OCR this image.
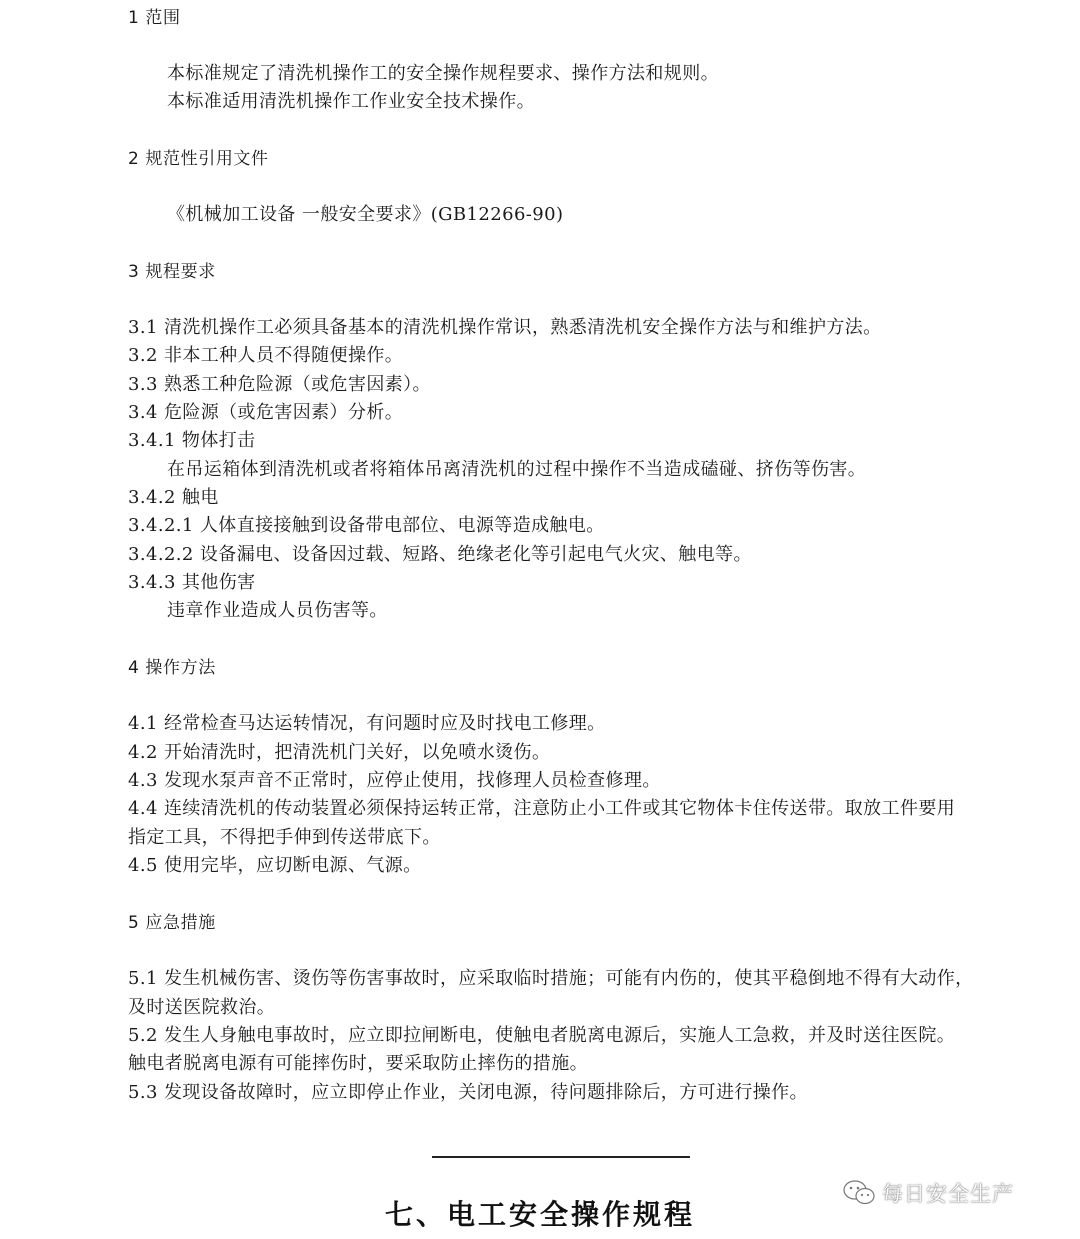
1 范围
本标准规定了清洗机操作工的安全操作规程要求、操作方法和规则。
本标准适用清洗机操作工作业安全技术操作。
2 规范性引用文件
《机械加工设备 一般安全要求》(GB12266-90)
3 规程要求
3.1 清洗机操作工必须具备基本的清洗机操作常识，熟悉清洗机安全操作方法与和维护方法。
3.2 非本工种人员不得随便操作。
3.3 熟悉工种危险源（或危害因素）。
3.4 危险源（或危害因素）分析。
3.4.1 物体打击
在吊运箱体到清洗机或者将箱体吊离清洗机的过程中操作不当造成磕碰、挤伤等伤害。
3.4.2 触电
3.4.2.1 人体直接接触到设备带电部位、电源等造成触电。
3.4.2.2 设备漏电、设备因过载、短路、绝缘老化等引起电气火灾、触电等。
3.4.3 其他伤害
违章作业造成人员伤害等。
4 操作方法
4.1 经常检查马达运转情况，有问题时应及时找电工修理。
4.2 开始清洗时，把清洗机门关好，以免喷水烫伤。
4.3 发现水泵声音不正常时，应停止使用，找修理人员检查修理。
4.4 连续清洗机的传动装置必须保持运转正常，注意防止小工件或其它物体卡住传送带。取放工件要用
指定工具，不得把手伸到传送带底下。
4.5 使用完毕，应切断电源、气源。
5 应急措施
5.1 发生机械伤害、烫伤等伤害事故时，应采取临时措施；可能有内伤的，使其平稳倒地不得有大动作，
及时送医院救治。
5.2 发生人身触电事故时，应立即拉闸断电，使触电者脱离电源后，实施人工急救，并及时送往医院。
触电者脱离电源有可能摔伤时，要采取防止摔伤的措施。
5.3 发现设备故障时，应立即停止作业，关闭电源，待问题排除后，方可进行操作。
七、电工安全操作规程
每日安全生产
